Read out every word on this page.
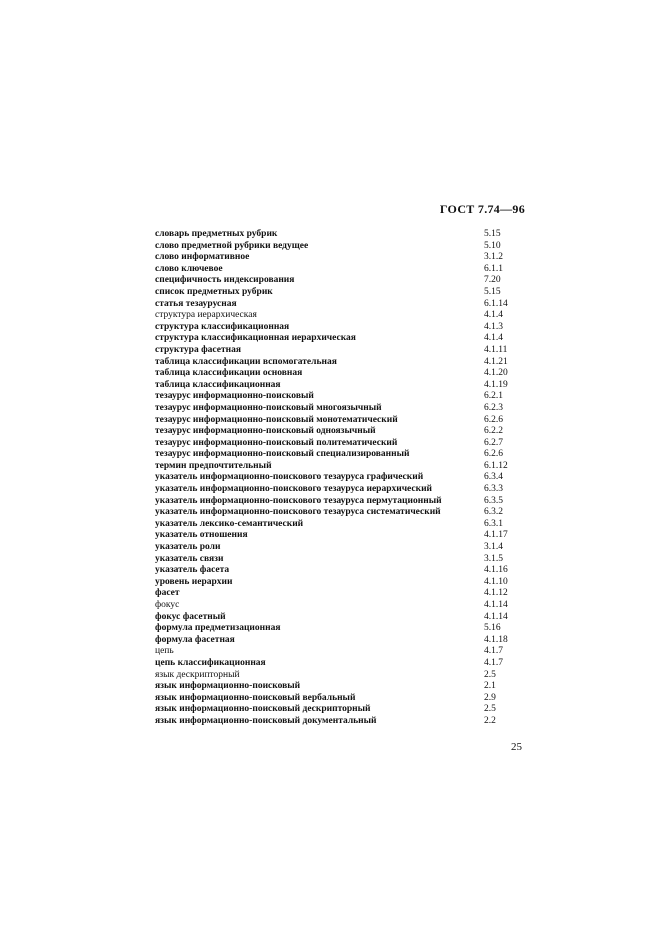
ГОСТ 7.74—96
словарь предметных рубрик	5.15
слово предметной рубрики ведущее	5.10
слово информативное	3.1.2
слово ключевое	6.1.1
специфичность индексирования	7.20
список предметных рубрик	5.15
статья тезаурусная	6.1.14
структура иерархическая	4.1.4
структура классификационная	4.1.3
структура классификационная иерархическая	4.1.4
структура фасетная	4.1.11
таблица классификации вспомогательная	4.1.21
таблица классификации основная	4.1.20
таблица классификационная	4.1.19
тезаурус информационно-поисковый	6.2.1
тезаурус информационно-поисковый многоязычный	6.2.3
тезаурус информационно-поисковый монотематический	6.2.6
тезаурус информационно-поисковый одноязычный	6.2.2
тезаурус информационно-поисковый политематический	6.2.7
тезаурус информационно-поисковый специализированный	6.2.6
термин предпочтительный	6.1.12
указатель информационно-поискового тезауруса графический	6.3.4
указатель информационно-поискового тезауруса иерархический	6.3.3
указатель информационно-поискового тезауруса пермутационный	6.3.5
указатель информационно-поискового тезауруса систематический	6.3.2
указатель лексико-семантический	6.3.1
указатель отношения	4.1.17
указатель роли	3.1.4
указатель связи	3.1.5
указатель фасета	4.1.16
уровень иерархии	4.1.10
фасет	4.1.12
фокус	4.1.14
фокус фасетный	4.1.14
формула предметизационная	5.16
формула фасетная	4.1.18
цепь	4.1.7
цепь классификационная	4.1.7
язык дескрипторный	2.5
язык информационно-поисковый	2.1
язык информационно-поисковый вербальный	2.9
язык информационно-поисковый дескрипторный	2.5
язык информационно-поисковый документальный	2.2
25
